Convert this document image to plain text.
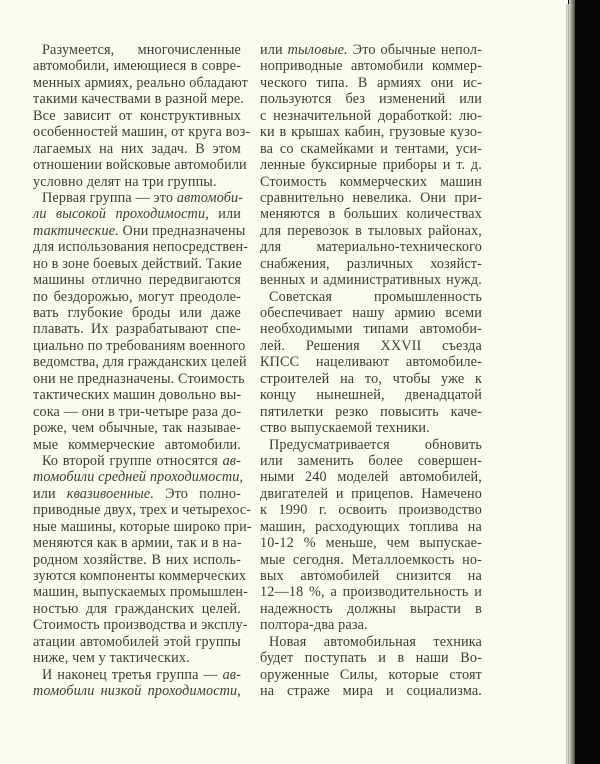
Разумеется, многочисленные
автомобили, имеющиеся в совре-
менных армиях, реально обладают
такими качествами в разной мере.
Все зависит от конструктивных
особенностей машин, от круга воз-
лагаемых на них задач. В этом
отношении войсковые автомобили
условно делят на три группы.
Первая группа — это автомоби-
ли высокой проходимости, или
тактические. Они предназначены
для использования непосредствен-
но в зоне боевых действий. Такие
машины отлично передвигаются
по бездорожью, могут преодоле-
вать глубокие броды или даже
плавать. Их разрабатывают спе-
циально по требованиям военного
ведомства, для гражданских целей
они не предназначены. Стоимость
тактических машин довольно вы-
сока — они в три-четыре раза до-
роже, чем обычные, так называе-
мые коммерческие автомобили.
Ко второй группе относятся ав-
томобили средней проходимости,
или квазивоенные. Это полно-
приводные двух, трех и четырехос-
ные машины, которые широко при-
меняются как в армии, так и в на-
родном хозяйстве. В них исполь-
зуются компоненты коммерческих
машин, выпускаемых промышлен-
ностью для гражданских целей.
Стоимость производства и эксплу-
атации автомобилей этой группы
ниже, чем у тактических.
И наконец третья группа — ав-
томобили низкой проходимости,
или тыловые. Это обычные непол-
ноприводные автомобили коммер-
ческого типа. В армиях они ис-
пользуются без изменений или
с незначительной доработкой: лю-
ки в крышах кабин, грузовые кузо-
ва со скамейками и тентами, уси-
ленные буксирные приборы и т. д.
Стоимость коммерческих машин
сравнительно невелика. Они при-
меняются в больших количествах
для перевозок в тыловых районах,
для материально-технического
снабжения, различных хозяйст-
венных и административных нужд.
Советская промышленность
обеспечивает нашу армию всеми
необходимыми типами автомоби-
лей. Решения XXVII съезда
КПСС нацеливают автомобиле-
строителей на то, чтобы уже к
концу нынешней, двенадцатой
пятилетки резко повысить каче-
ство выпускаемой техники.
Предусматривается обновить
или заменить более совершен-
ными 240 моделей автомобилей,
двигателей и прицепов. Намечено
к 1990 г. освоить производство
машин, расходующих топлива на
10-12 % меньше, чем выпускае-
мые сегодня. Металлоемкость но-
вых автомобилей снизится на
12—18 %, а производительность и
надежность должны вырасти в
полтора-два раза.
Новая автомобильная техника
будет поступать и в наши Во-
оруженные Силы, которые стоят
на страже мира и социализма.
